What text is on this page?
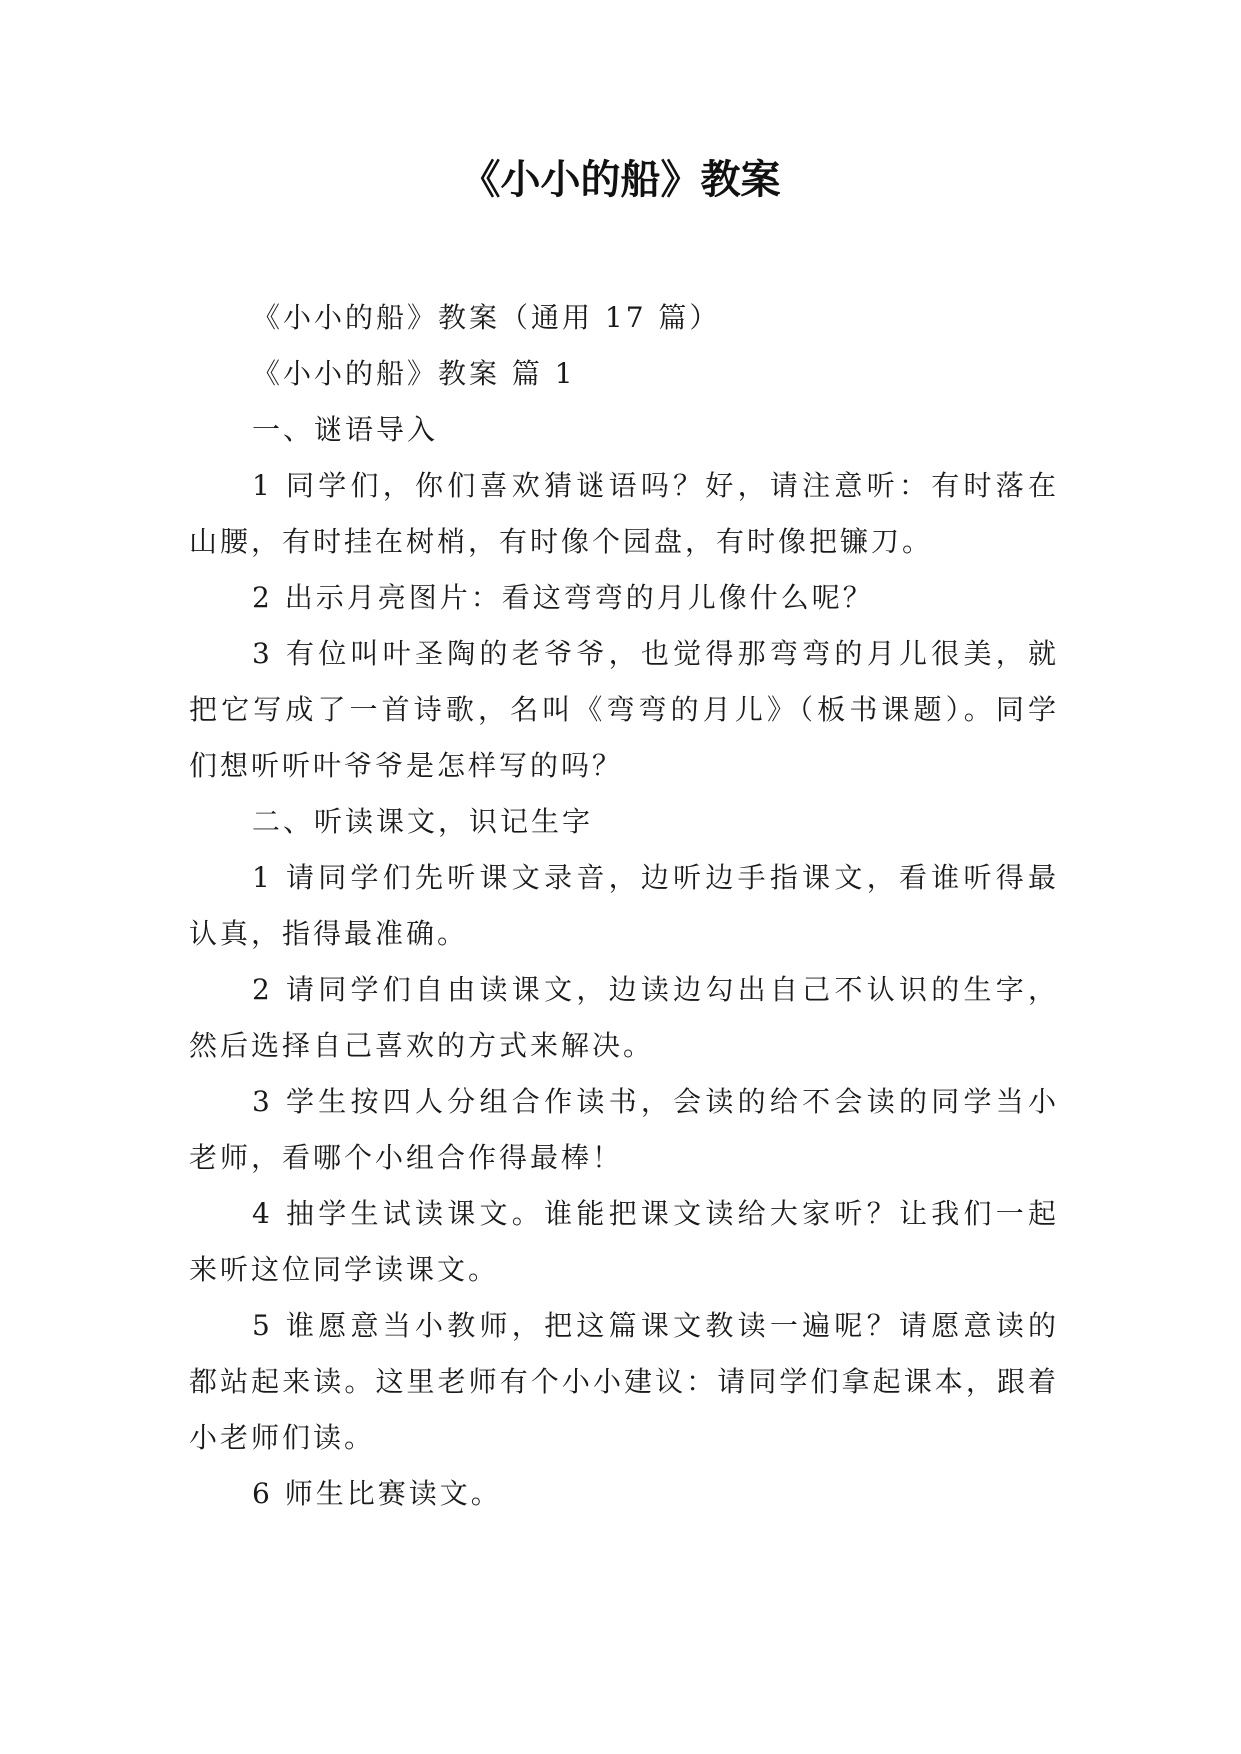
《小小的船》教案

《小小的船》教案（通用 17 篇）

《小小的船》教案 篇 1

一、谜语导入

1 同学们，你们喜欢猜谜语吗？好，请注意听：有时落在山腰，有时挂在树梢，有时像个园盘，有时像把镰刀。

2 出示月亮图片：看这弯弯的月儿像什么呢？

3 有位叫叶圣陶的老爷爷，也觉得那弯弯的月儿很美，就把它写成了一首诗歌，名叫《弯弯的月儿》（板书课题）。同学们想听听叶爷爷是怎样写的吗？

二、听读课文，识记生字

1 请同学们先听课文录音，边听边手指课文，看谁听得最认真，指得最准确。

2 请同学们自由读课文，边读边勾出自己不认识的生字，然后选择自己喜欢的方式来解决。

3 学生按四人分组合作读书，会读的给不会读的同学当小老师，看哪个小组合作得最棒！

4 抽学生试读课文。谁能把课文读给大家听？让我们一起来听这位同学读课文。

5 谁愿意当小教师，把这篇课文教读一遍呢？请愿意读的都站起来读。这里老师有个小小建议：请同学们拿起课本，跟着小老师们读。

6 师生比赛读文。
